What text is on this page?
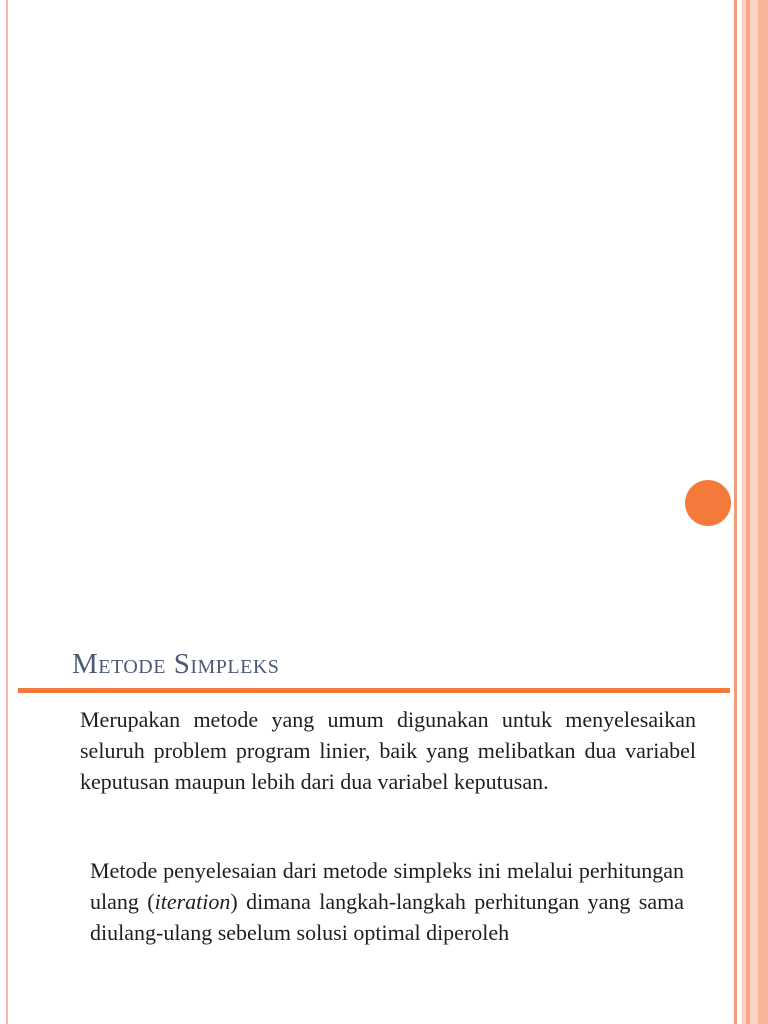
Metode Simpleks
Merupakan metode yang umum digunakan untuk menyelesaikan seluruh problem program linier, baik yang melibatkan dua variabel keputusan maupun lebih dari dua variabel keputusan.
Metode penyelesaian dari metode simpleks ini melalui perhitungan ulang (iteration) dimana langkah-langkah perhitungan yang sama diulang-ulang sebelum solusi optimal diperoleh
